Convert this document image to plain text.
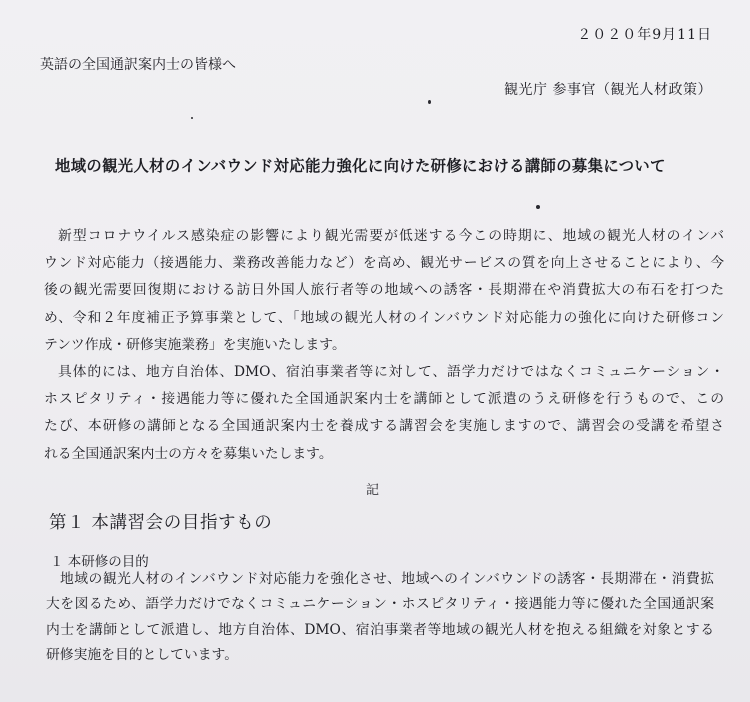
２０２０年9月11日
英語の全国通訳案内士の皆様へ
観光庁 参事官（観光人材政策）
地域の観光人材のインバウンド対応能力強化に向けた研修における講師の募集について
新型コロナウイルス感染症の影響により観光需要が低迷する今この時期に、地域の観光人材のインバ
ウンド対応能力（接遇能力、業務改善能力など）を高め、観光サービスの質を向上させることにより、今
後の観光需要回復期における訪日外国人旅行者等の地域への誘客・長期滞在や消費拡大の布石を打つた
め、令和２年度補正予算事業として、「地域の観光人材のインバウンド対応能力の強化に向けた研修コン
テンツ作成・研修実施業務」を実施いたします。
具体的には、地方自治体、DMO、宿泊事業者等に対して、語学力だけではなくコミュニケーション・
ホスピタリティ・接遇能力等に優れた全国通訳案内士を講師として派遣のうえ研修を行うもので、この
たび、本研修の講師となる全国通訳案内士を養成する講習会を実施しますので、講習会の受講を希望さ
れる全国通訳案内士の方々を募集いたします。
記
第１ 本講習会の目指すもの
１ 本研修の目的
地域の観光人材のインバウンド対応能力を強化させ、地域へのインバウンドの誘客・長期滞在・消費拡
大を図るため、語学力だけでなくコミュニケーション・ホスピタリティ・接遇能力等に優れた全国通訳案
内士を講師として派遣し、地方自治体、DMO、宿泊事業者等地域の観光人材を抱える組織を対象とする
研修実施を目的としています。
